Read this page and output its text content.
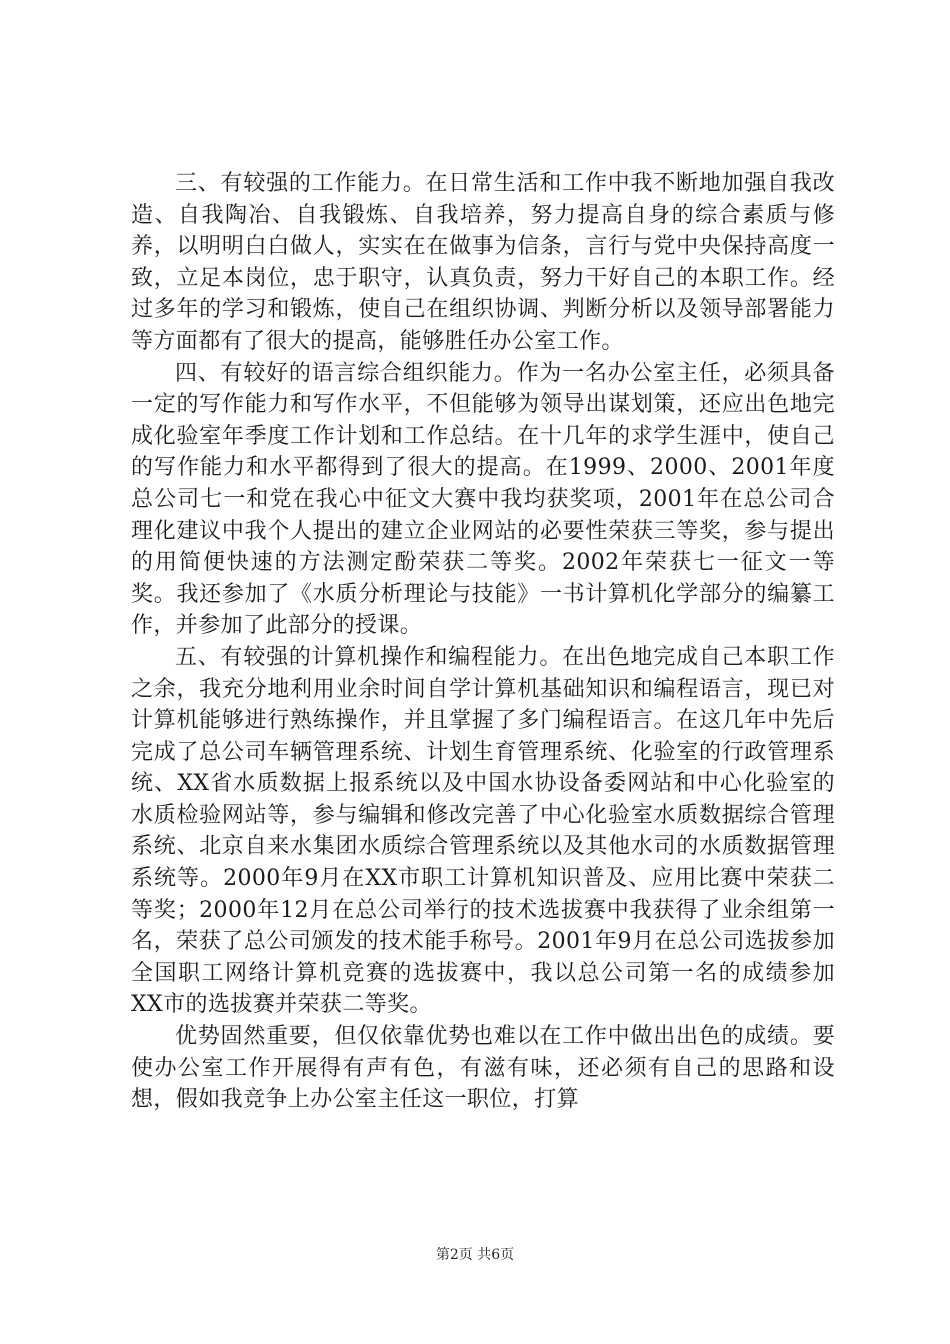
三、有较强的工作能力。在日常生活和工作中我不断地加强自我改造、自我陶冶、自我锻炼、自我培养，努力提高自身的综合素质与修养，以明明白白做人，实实在在做事为信条，言行与党中央保持高度一致，立足本岗位，忠于职守，认真负责，努力干好自己的本职工作。经过多年的学习和锻炼，使自己在组织协调、判断分析以及领导部署能力等方面都有了很大的提高，能够胜任办公室工作。

四、有较好的语言综合组织能力。作为一名办公室主任，必须具备一定的写作能力和写作水平，不但能够为领导出谋划策，还应出色地完成化验室年季度工作计划和工作总结。在十几年的求学生涯中，使自己的写作能力和水平都得到了很大的提高。在1999、2000、2001年度总公司七一和党在我心中征文大赛中我均获奖项，2001年在总公司合理化建议中我个人提出的建立企业网站的必要性荣获三等奖，参与提出的用简便快速的方法测定酚荣获二等奖。2002年荣获七一征文一等奖。我还参加了《水质分析理论与技能》一书计算机化学部分的编纂工作，并参加了此部分的授课。

五、有较强的计算机操作和编程能力。在出色地完成自己本职工作之余，我充分地利用业余时间自学计算机基础知识和编程语言，现已对计算机能够进行熟练操作，并且掌握了多门编程语言。在这几年中先后完成了总公司车辆管理系统、计划生育管理系统、化验室的行政管理系统、XX省水质数据上报系统以及中国水协设备委网站和中心化验室的水质检验网站等，参与编辑和修改完善了中心化验室水质数据综合管理系统、北京自来水集团水质综合管理系统以及其他水司的水质数据管理系统等。2000年9月在XX市职工计算机知识普及、应用比赛中荣获二等奖；2000年12月在总公司举行的技术选拔赛中我获得了业余组第一名，荣获了总公司颁发的技术能手称号。2001年9月在总公司选拔参加全国职工网络计算机竞赛的选拔赛中，我以总公司第一名的成绩参加XX市的选拔赛并荣获二等奖。

优势固然重要，但仅依靠优势也难以在工作中做出出色的成绩。要使办公室工作开展得有声有色，有滋有味，还必须有自己的思路和设想，假如我竞争上办公室主任这一职位，打算

第2页 共6页
